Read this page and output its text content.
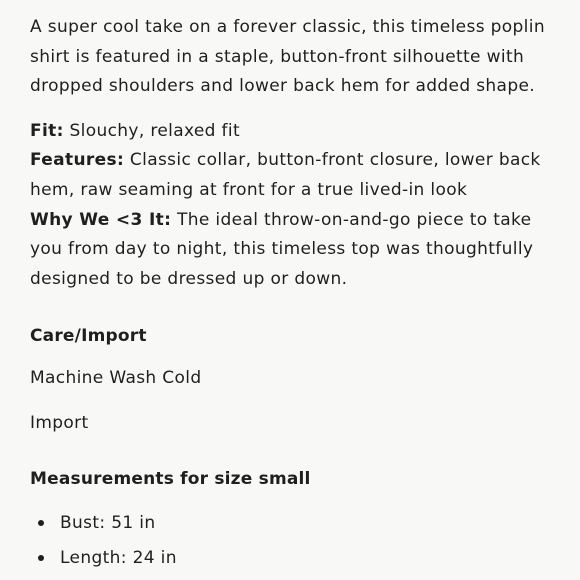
A super cool take on a forever classic, this timeless poplin shirt is featured in a staple, button-front silhouette with dropped shoulders and lower back hem for added shape.

Fit: Slouchy, relaxed fit
Features: Classic collar, button-front closure, lower back hem, raw seaming at front for a true lived-in look
Why We <3 It: The ideal throw-on-and-go piece to take you from day to night, this timeless top was thoughtfully designed to be dressed up or down.
Care/Import

Machine Wash Cold

Import

Measurements for size small
Bust: 51 in
Length: 24 in
